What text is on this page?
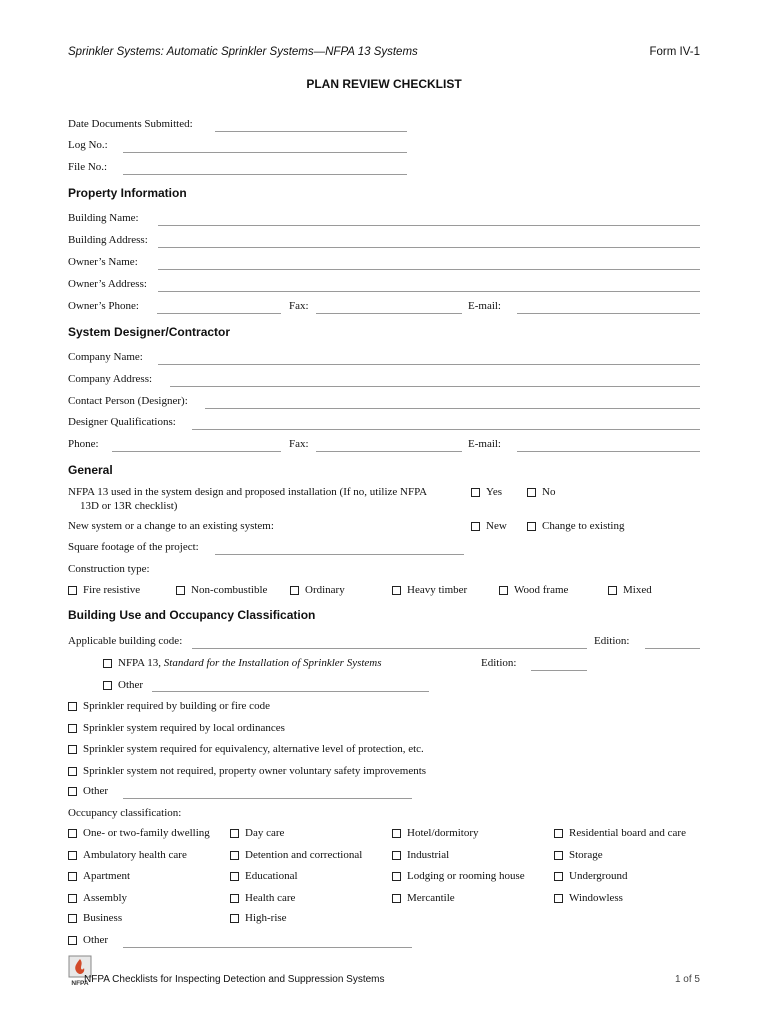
Sprinkler Systems: Automatic Sprinkler Systems—NFPA 13 Systems	Form IV-1
PLAN REVIEW CHECKLIST
Date Documents Submitted:
Log No.:
File No.:
Property Information
Building Name:
Building Address:
Owner’s Name:
Owner’s Address:
Owner’s Phone:	Fax:	E-mail:
System Designer/Contractor
Company Name:
Company Address:
Contact Person (Designer):
Designer Qualifications:
Phone:	Fax:	E-mail:
General
NFPA 13 used in the system design and proposed installation (If no, utilize NFPA
13D or 13R checklist)
Yes	No
New system or a change to an existing system:	New	Change to existing
Square footage of the project:
Construction type:
Fire resistive	Non-combustible	Ordinary	Heavy timber	Wood frame	Mixed
Building Use and Occupancy Classification
Applicable building code:	Edition:
NFPA 13, Standard for the Installation of Sprinkler Systems	Edition:
Other
Sprinkler required by building or fire code
Sprinkler system required by local ordinances
Sprinkler system required for equivalency, alternative level of protection, etc.
Sprinkler system not required, property owner voluntary safety improvements
Other
Occupancy classification:
One- or two-family dwelling	Day care	Hotel/dormitory	Residential board and care
Ambulatory health care	Detention and correctional	Industrial	Storage
Apartment	Educational	Lodging or rooming house	Underground
Assembly	Health care	Mercantile	Windowless
Business	High-rise
Other
NFPA
NFPA Checklists for Inspecting Detection and Suppression Systems	1 of 5
